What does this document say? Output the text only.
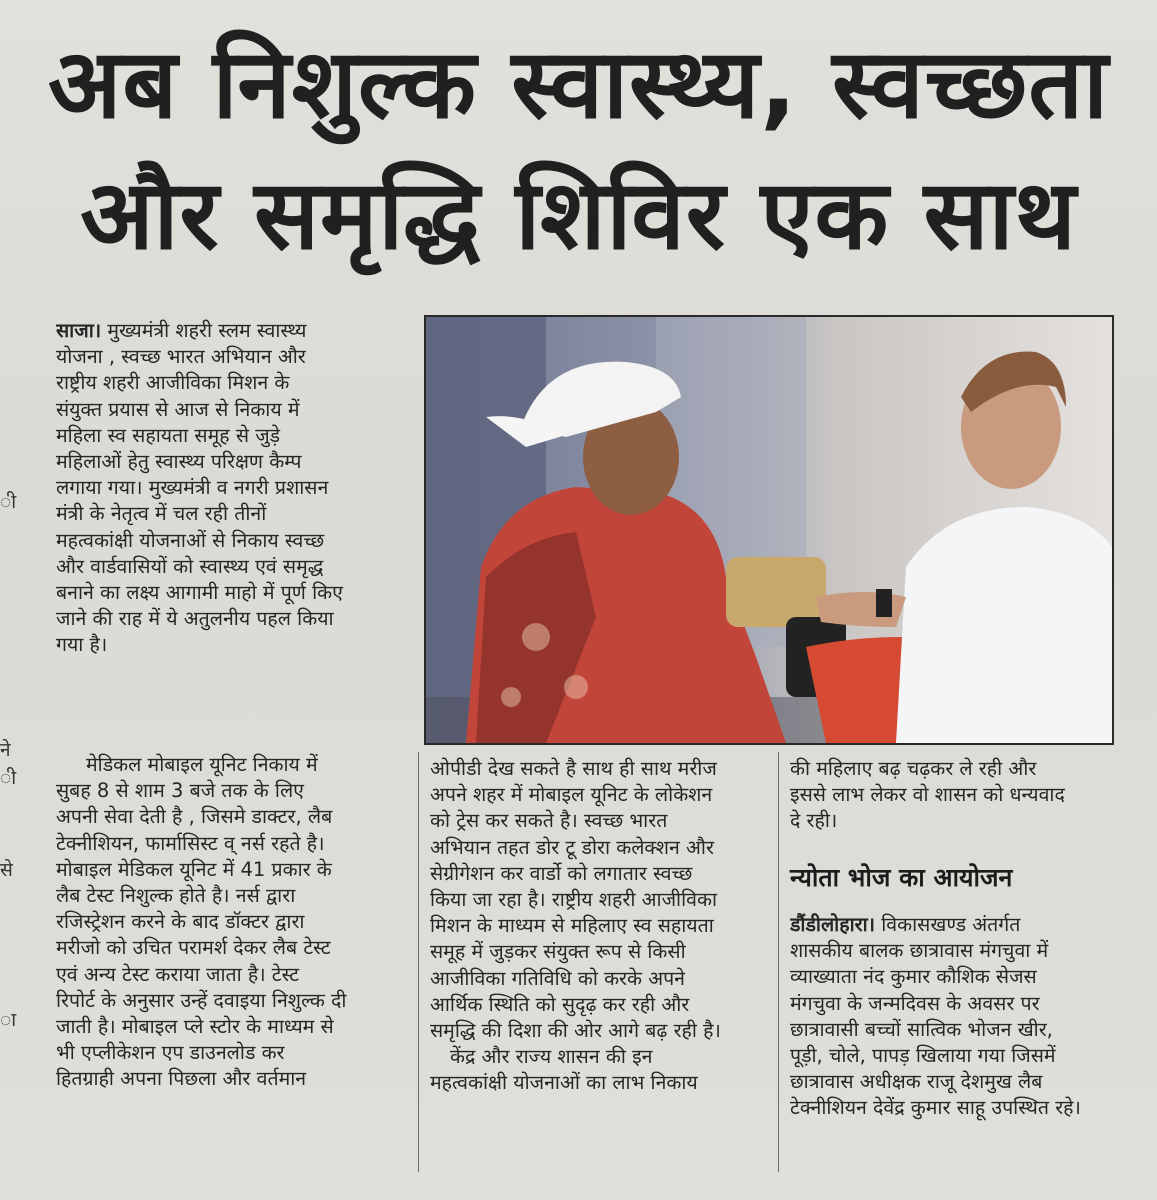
अब निशुल्क स्वास्थ्य, स्वच्छता
और समृद्धि शिविर एक साथ
ी
ने
ी
से
ा
साजा। मुख्यमंत्री शहरी स्लम स्वास्थ्य
योजना , स्वच्छ भारत अभियान और
राष्ट्रीय शहरी आजीविका मिशन के
संयुक्त प्रयास से आज से निकाय में
महिला स्व सहायता समूह से जुड़े
महिलाओं हेतु स्वास्थ्य परिक्षण कैम्प
लगाया गया। मुख्यमंत्री व नगरी प्रशासन
मंत्री के नेतृत्व में चल रही तीनों
महत्वकांक्षी योजनाओं से निकाय स्वच्छ
और वार्डवासियों को स्वास्थ्य एवं समृद्ध
बनाने का लक्ष्य आगामी माहो में पूर्ण किए
जाने की राह में ये अतुलनीय पहल किया
गया है।
मेडिकल मोबाइल यूनिट निकाय में
सुबह 8 से शाम 3 बजे तक के लिए
अपनी सेवा देती है , जिसमे डाक्टर, लैब
टेक्नीशियन, फार्मासिस्ट व् नर्स रहते है।
मोबाइल मेडिकल यूनिट में 41 प्रकार के
लैब टेस्ट निशुल्क होते है। नर्स द्वारा
रजिस्ट्रेशन करने के बाद डॉक्टर द्वारा
मरीजो को उचित परामर्श देकर लैब टेस्ट
एवं अन्य टेस्ट कराया जाता है। टेस्ट
रिपोर्ट के अनुसार उन्हें दवाइया निशुल्क दी
जाती है। मोबाइल प्ले स्टोर के माध्यम से
भी एप्लीकेशन एप डाउनलोड कर
हितग्राही अपना पिछला और वर्तमान
ओपीडी देख सकते है साथ ही साथ मरीज
अपने शहर में मोबाइल यूनिट के लोकेशन
को ट्रेस कर सकते है। स्वच्छ भारत
अभियान तहत डोर टू डोरा कलेक्शन और
सेग्रीगेशन कर वार्डो को लगातार स्वच्छ
किया जा रहा है। राष्ट्रीय शहरी आजीविका
मिशन के माध्यम से महिलाए स्व सहायता
समूह में जुड़कर संयुक्त रूप से किसी
आजीविका गतिविधि को करके अपने
आर्थिक स्थिति को सुदृढ़ कर रही और
समृद्धि की दिशा की ओर आगे बढ़ रही है।
केंद्र और राज्य शासन की इन
महत्वकांक्षी योजनाओं का लाभ निकाय
की महिलाए बढ़ चढ़कर ले रही और
इससे लाभ लेकर वो शासन को धन्यवाद
दे रही।
न्योता भोज का आयोजन
डौंडीलोहारा। विकासखण्ड अंतर्गत
शासकीय बालक छात्रावास मंगचुवा में
व्याख्याता नंद कुमार कौशिक सेजस
मंगचुवा के जन्मदिवस के अवसर पर
छात्रावासी बच्चों सात्विक भोजन खीर,
पूड़ी, चोले, पापड़ खिलाया गया जिसमें
छात्रावास अधीक्षक राजू देशमुख लैब
टेक्नीशियन देवेंद्र कुमार साहू उपस्थित रहे।
